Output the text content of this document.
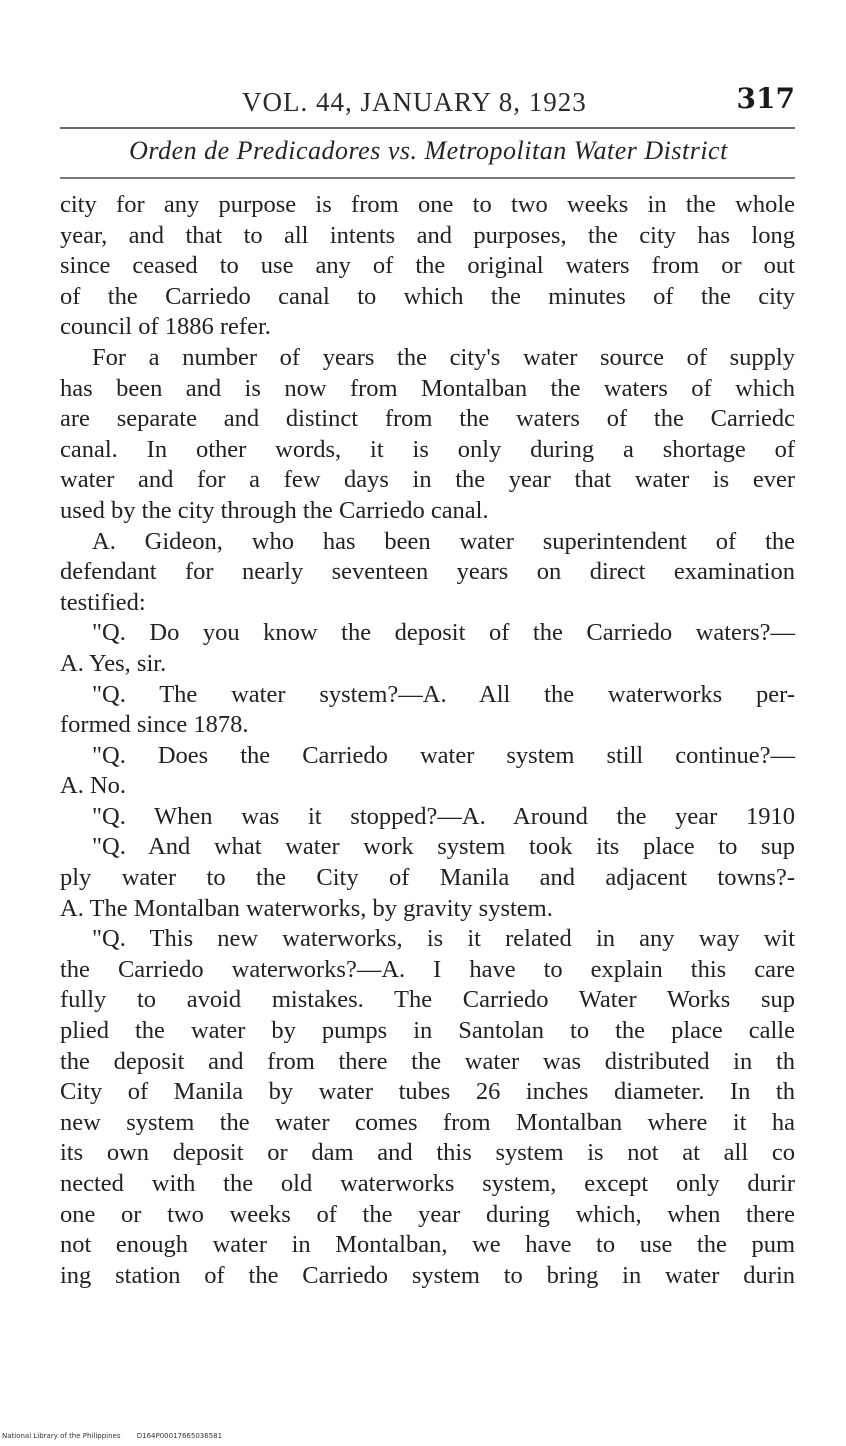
VOL. 44, JANUARY 8, 1923	317
Orden de Predicadores vs. Metropolitan Water District
city for any purpose is from one to two weeks in the whole
year, and that to all intents and purposes, the city has long
since ceased to use any of the original waters from or out
of the Carriedo canal to which the minutes of the city
council of 1886 refer.
For a number of years the city's water source of supply
has been and is now from Montalban the waters of which
are separate and distinct from the waters of the Carriedc
canal. In other words, it is only during a shortage of
water and for a few days in the year that water is ever
used by the city through the Carriedo canal.
A. Gideon, who has been water superintendent of the
defendant for nearly seventeen years on direct examination
testified:
"Q. Do you know the deposit of the Carriedo waters?—
A. Yes, sir.
"Q. The water system?—A. All the waterworks per-
formed since 1878.
"Q. Does the Carriedo water system still continue?—
A. No.
"Q. When was it stopped?—A. Around the year 1910
"Q. And what water work system took its place to sup
ply water to the City of Manila and adjacent towns?-
A. The Montalban waterworks, by gravity system.
"Q. This new waterworks, is it related in any way wit
the Carriedo waterworks?—A. I have to explain this care
fully to avoid mistakes. The Carriedo Water Works sup
plied the water by pumps in Santolan to the place calle
the deposit and from there the water was distributed in th
City of Manila by water tubes 26 inches diameter. In th
new system the water comes from Montalban where it ha
its own deposit or dam and this system is not at all co
nected with the old waterworks system, except only durir
one or two weeks of the year during which, when there
not enough water in Montalban, we have to use the pum
ing station of the Carriedo system to bring in water durin
National Library of the Philippines D164P00017665036581
